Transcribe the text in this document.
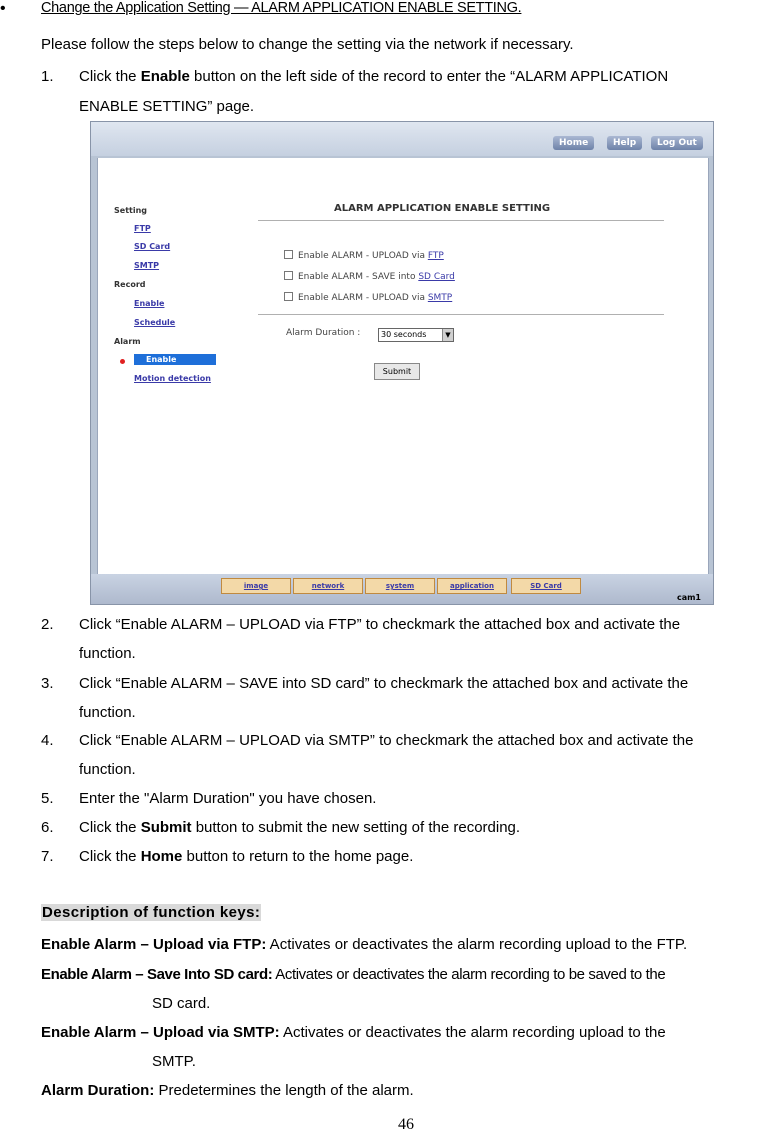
• Change the Application Setting — ALARM APPLICATION ENABLE SETTING.
Please follow the steps below to change the setting via the network if necessary.
1. Click the Enable button on the left side of the record to enter the “ALARM APPLICATION
ENABLE SETTING” page.
Home	Help	Log Out
Setting
FTP
SD Card
SMTP
Record
Enable
Schedule
Alarm
Enable
Motion detection
ALARM APPLICATION ENABLE SETTING
Enable ALARM - UPLOAD via FTP
Enable ALARM - SAVE into SD Card
Enable ALARM - UPLOAD via SMTP
Alarm Duration :	30 seconds	▼
Submit
image	network	system	application	SD Card
cam1
2. Click “Enable ALARM – UPLOAD via FTP” to checkmark the attached box and activate the
function.
3. Click “Enable ALARM – SAVE into SD card” to checkmark the attached box and activate the
function.
4. Click “Enable ALARM – UPLOAD via SMTP” to checkmark the attached box and activate the
function.
5. Enter the "Alarm Duration" you have chosen.
6. Click the Submit button to submit the new setting of the recording.
7. Click the Home button to return to the home page.
Description of function keys:
Enable Alarm – Upload via FTP: Activates or deactivates the alarm recording upload to the FTP.
Enable Alarm – Save Into SD card: Activates or deactivates the alarm recording to be saved to the
SD card.
Enable Alarm – Upload via SMTP: Activates or deactivates the alarm recording upload to the
SMTP.
Alarm Duration: Predetermines the length of the alarm.
46
